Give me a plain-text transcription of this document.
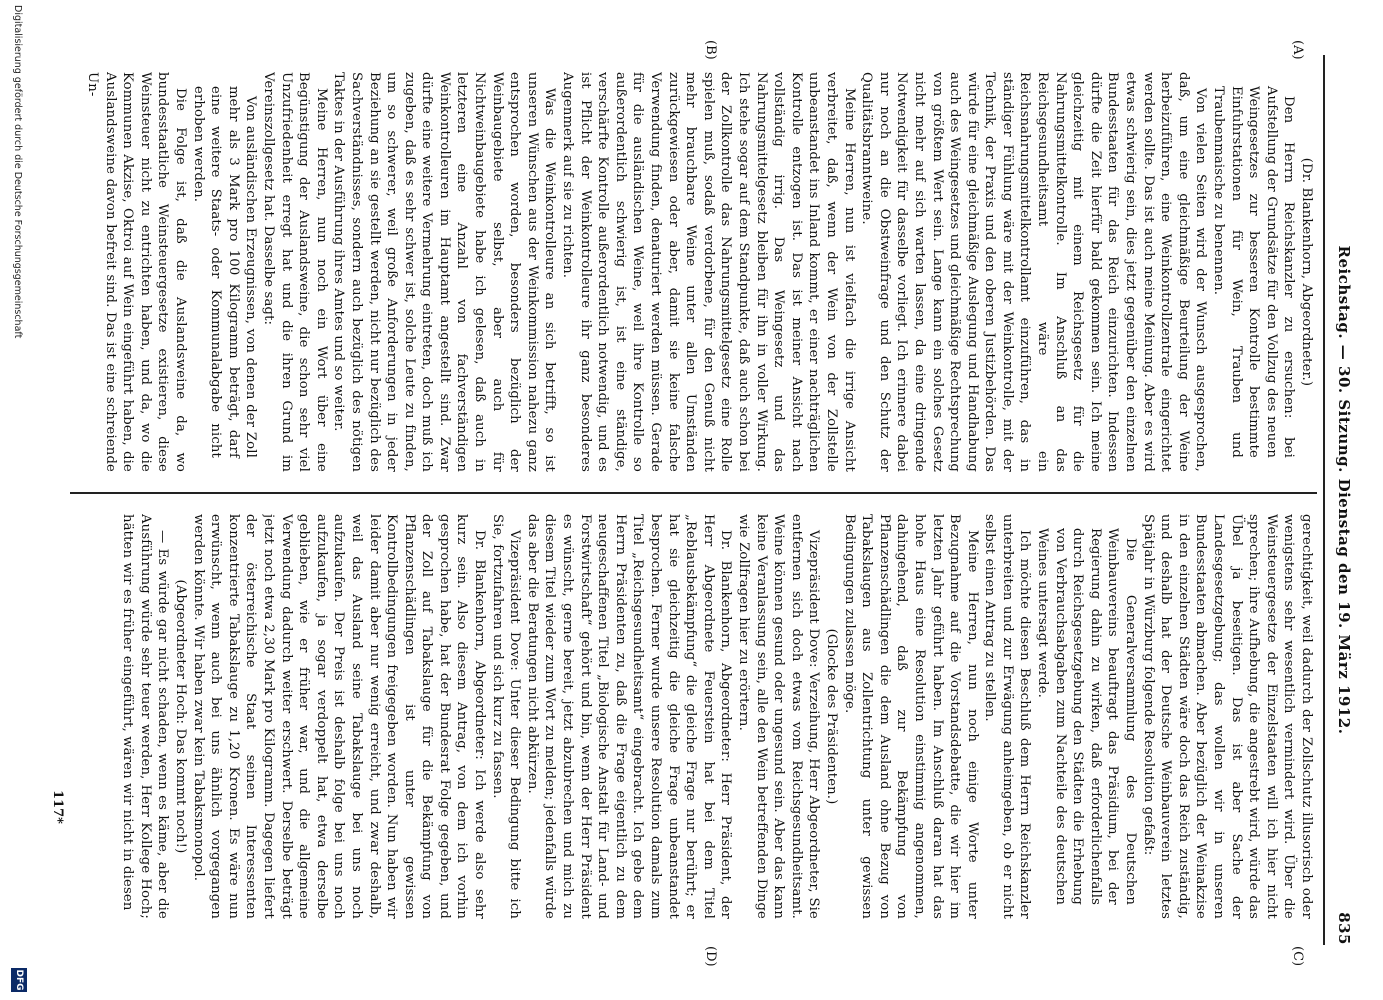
Reichstag. — 30. Sitzung. Dienstag den 19. März 1912.
835
(A)
(B)
(C)
(D)

(Dr. Blankenhorn, Abgeordneter.)

Den Herrn Reichskanzler zu ersuchen: bei Aufstellung der Grundsätze für den Vollzug des neuen Weingesetzes zur besseren Kontrolle bestimmte Einfuhrstationen für Wein, Trauben und Traubenmaische zu benennen.

Von vielen Seiten wird der Wunsch ausgesprochen, daß, um eine gleichmäßige Beurteilung der Weine herbeizuführen, eine Weinkontrollzentrale eingerichtet werden sollte. Das ist auch meine Meinung. Aber es wird etwas schwierig sein, dies jetzt gegenüber den einzelnen Bundesstaaten für das Reich einzurichten. Indessen dürfte die Zeit hierfür bald gekommen sein. Ich meine gleichzeitig mit einem Reichsgesetz für die Nahrungsmittelkontrolle. Im Anschluß an das Reichsgesundheitsamt wäre ein Reichsnahrungsmittelkontrollamt einzuführen, das in ständiger Fühlung wäre mit der Weinkontrolle, mit der Technik, der Praxis und den oberen Justizbehörden. Das würde für eine gleichmäßige Auslegung und Handhabung auch des Weingesetzes und gleichmäßige Rechtsprechung von größtem Wert sein. Lange kann ein solches Gesetz nicht mehr auf sich warten lassen, da eine dringende Notwendigkeit für dasselbe vorliegt. Ich erinnere dabei nur noch an die Obstweinfrage und den Schutz der Qualitätsbranntweine.

Meine Herren, nun ist vielfach die irrige Ansicht verbreitet, daß, wenn der Wein von der Zollstelle unbeanstandet ins Inland kommt, er einer nachträglichen Kontrolle entzogen ist. Das ist meiner Ansicht nach vollständig irrig. Das Weingesetz und das Nahrungsmittelgesetz bleiben für ihn in voller Wirkung. Ich stehe sogar auf dem Standpunkte, daß auch schon bei der Zollkontrolle das Nahrungsmittelgesetz eine Rolle spielen muß, sodaß verdorbene, für den Genuß nicht mehr brauchbare Weine unter allen Umständen zurückgewiesen oder aber, damit sie keine falsche Verwendung finden, denaturiert werden müssen. Gerade für die ausländischen Weine, weil ihre Kontrolle so außerordentlich schwierig ist, ist eine ständige, verschärfte Kontrolle außerordentlich notwendig, und es ist Pflicht der Weinkontrolleure ihr ganz besonderes Augenmerk auf sie zu richten.

Was die Weinkontrolleure an sich betrifft, so ist unseren Wünschen aus der Weinkommission nahezu ganz entsprochen worden, besonders bezüglich der Weinbaugebiete selbst, aber auch für Nichtweinbaugebiete habe ich gelesen, daß auch in letzteren eine Anzahl von fachverständigen Weinkontrolleuren im Hauptamt angestellt sind. Zwar dürfte eine weitere Vermehrung eintreten, doch muß ich zugeben, daß es sehr schwer ist, solche Leute zu finden, um so schwerer, weil große Anforderungen in jeder Beziehung an sie gestellt werden, nicht nur bezüglich des Sachverständnisses, sondern auch bezüglich des nötigen Taktes in der Ausführung ihres Amtes und so weiter.

Meine Herren, nun noch ein Wort über eine Begünstigung der Auslandsweine, die schon sehr viel Unzufriedenheit erregt hat und die ihren Grund im Vereinszollgesetz hat. Dasselbe sagt:

Von ausländischen Erzeugnissen, von denen der Zoll mehr als 3 Mark pro 100 Kilogramm beträgt, darf eine weitere Staats- oder Kommunalabgabe nicht erhoben werden.

Die Folge ist, daß die Auslandsweine da, wo bundesstaatliche Weinsteuergesetze existieren, diese Weinsteuer nicht zu entrichten haben, und da, wo die Kommunen Akzise, Oktroi auf Wein eingeführt haben, die Auslandsweine davon befreit sind. Das ist eine schreiende Un-

gerechtigkeit, weil dadurch der Zollschutz illusorisch oder wenigstens sehr wesentlich vermindert wird. Über die Weinsteuergesetze der Einzelstaaten will ich hier nicht sprechen; ihre Aufhebung, die angestrebt wird, würde das Übel ja beseitigen. Das ist aber Sache der Landesgesetzgebung; das wollen wir in unseren Bundesstaaten abmachen. Aber bezüglich der Weinakzise in den einzelnen Städten wäre doch das Reich zuständig, und deshalb hat der Deutsche Weinbauverein letztes Spätjahr in Würzburg folgende Resolution gefaßt:

Die Generalversammlung des Deutschen Weinbauvereins beauftragt das Präsidium, bei der Regierung dahin zu wirken, daß erforderlichenfalls durch Reichsgesetzgebung den Städten die Erhebung von Verbrauchsabgaben zum Nachteile des deutschen Weines untersagt werde.

Ich möchte diesen Beschluß dem Herrn Reichskanzler unterbreiten und zur Erwägung anheimgeben, ob er nicht selbst einen Antrag zu stellen.

Meine Herren, nun noch einige Worte unter Bezugnahme auf die Vorstandsdebatte, die wir hier im letzten Jahr geführt haben. Im Anschluß daran hat das hohe Haus eine Resolution einstimmig angenommen, dahingehend, daß zur Bekämpfung von Pflanzenschädlingen die dem Ausland ohne Bezug von Tabakslaugen aus Zollentrichtung unter gewissen Bedingungen zulassen möge.

(Glocke des Präsidenten.)

Vizepräsident Dove: Verzeihung, Herr Abgeordneter, Sie entfernen sich doch etwas vom Reichsgesundheitsamt. Weine können gesund oder ungesund sein. Aber das kann keine Veranlassung sein, alle den Wein betreffenden Dinge wie Zollfragen hier zu erörtern.

Dr. Blankenhorn, Abgeordneter: Herr Präsident, der Herr Abgeordnete Feuerstein hat bei dem Titel „Reblausbekämpfung“ die gleiche Frage nur berührt; er hat sie gleichzeitig die gleiche Frage unbeanstandet besprochen. Ferner wurde unsere Resolution damals zum Titel „Reichsgesundheitsamt“ eingebracht. Ich gebe dem Herrn Präsidenten zu, daß die Frage eigentlich zu dem neugeschaffenen Titel „Biologische Anstalt für Land- und Forstwirtschaft“ gehört und bin, wenn der Herr Präsident es wünscht, gerne bereit, jetzt abzubrechen und mich zu diesem Titel wieder zum Wort zu melden; jedenfalls würde das aber die Beratungen nicht abkürzen.

Vizepräsident Dove: Unter dieser Bedingung bitte ich Sie, fortzufahren und sich kurz zu fassen.

Dr. Blankenhorn, Abgeordneter: Ich werde also sehr kurz sein. Also diesem Antrag, von dem ich vorhin gesprochen habe, hat der Bundesrat Folge gegeben, und der Zoll auf Tabakslauge für die Bekämpfung von Pflanzenschädlingen ist unter gewissen Kontrollbedingungen freigegeben worden. Nun haben wir leider damit aber nur wenig erreicht, und zwar deshalb, weil das Ausland seine Tabakslauge bei uns noch aufzukaufen. Der Preis ist deshalb folge bei uns noch aufzukaufen, ja sogar verdoppelt hat, etwa derselbe geblieben, wie er früher war, und die allgemeine Verwendung dadurch weiter erschwert. Derselbe beträgt jetzt noch etwa 2,30 Mark pro Kilogramm. Dagegen liefert der österreichische Staat seinen Interessenten konzentrierte Tabakslauge zu 1,20 Kronen. Es wäre nun erwünscht, wenn auch bei uns ähnlich vorgegangen werden könnte. Wir haben zwar kein Tabaksmonopol.

(Abgeordneter Hoch: Das kommt noch!)

— Es würde gar nicht schaden, wenn es käme, aber die Ausführung würde sehr teuer werden, Herr Kollege Hoch; hätten wir es früher eingeführt, wären wir nicht in diesen

117*
Digitalisierung gefördert durch die Deutsche Forschungsgemeinschaft
DFG
